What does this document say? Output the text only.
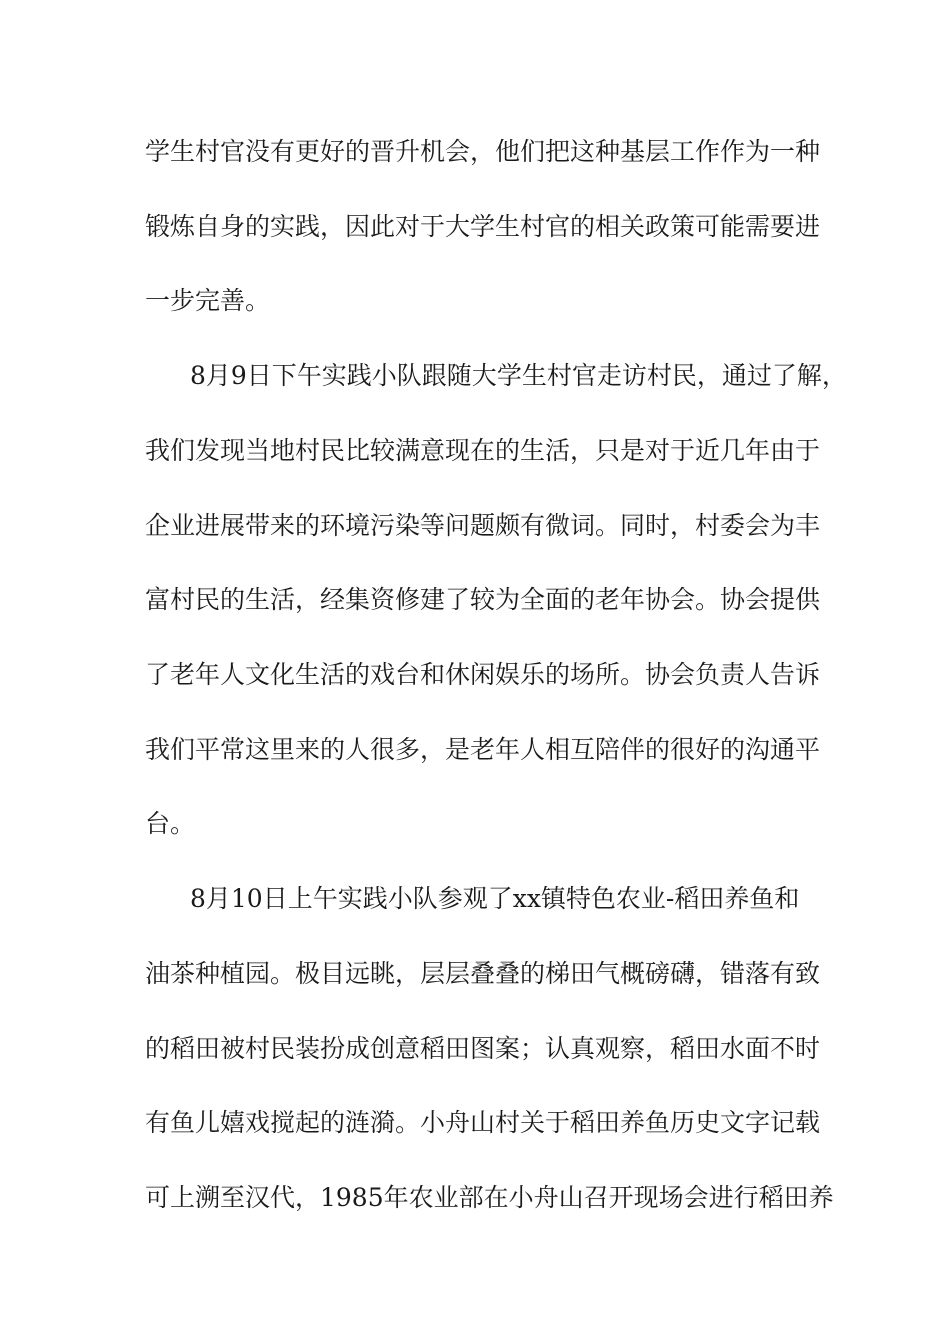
学生村官没有更好的晋升机会，他们把这种基层工作作为一种

锻炼自身的实践，因此对于大学生村官的相关政策可能需要进

一步完善。

8月9日下午实践小队跟随大学生村官走访村民，通过了解，

我们发现当地村民比较满意现在的生活，只是对于近几年由于

企业进展带来的环境污染等问题颇有微词。同时，村委会为丰

富村民的生活，经集资修建了较为全面的老年协会。协会提供

了老年人文化生活的戏台和休闲娱乐的场所。协会负责人告诉

我们平常这里来的人很多，是老年人相互陪伴的很好的沟通平

台。

8月10日上午实践小队参观了xx镇特色农业-稻田养鱼和

油茶种植园。极目远眺，层层叠叠的梯田气概磅礴，错落有致

的稻田被村民装扮成创意稻田图案；认真观察，稻田水面不时

有鱼儿嬉戏搅起的涟漪。小舟山村关于稻田养鱼历史文字记载

可上溯至汉代，1985年农业部在小舟山召开现场会进行稻田养
